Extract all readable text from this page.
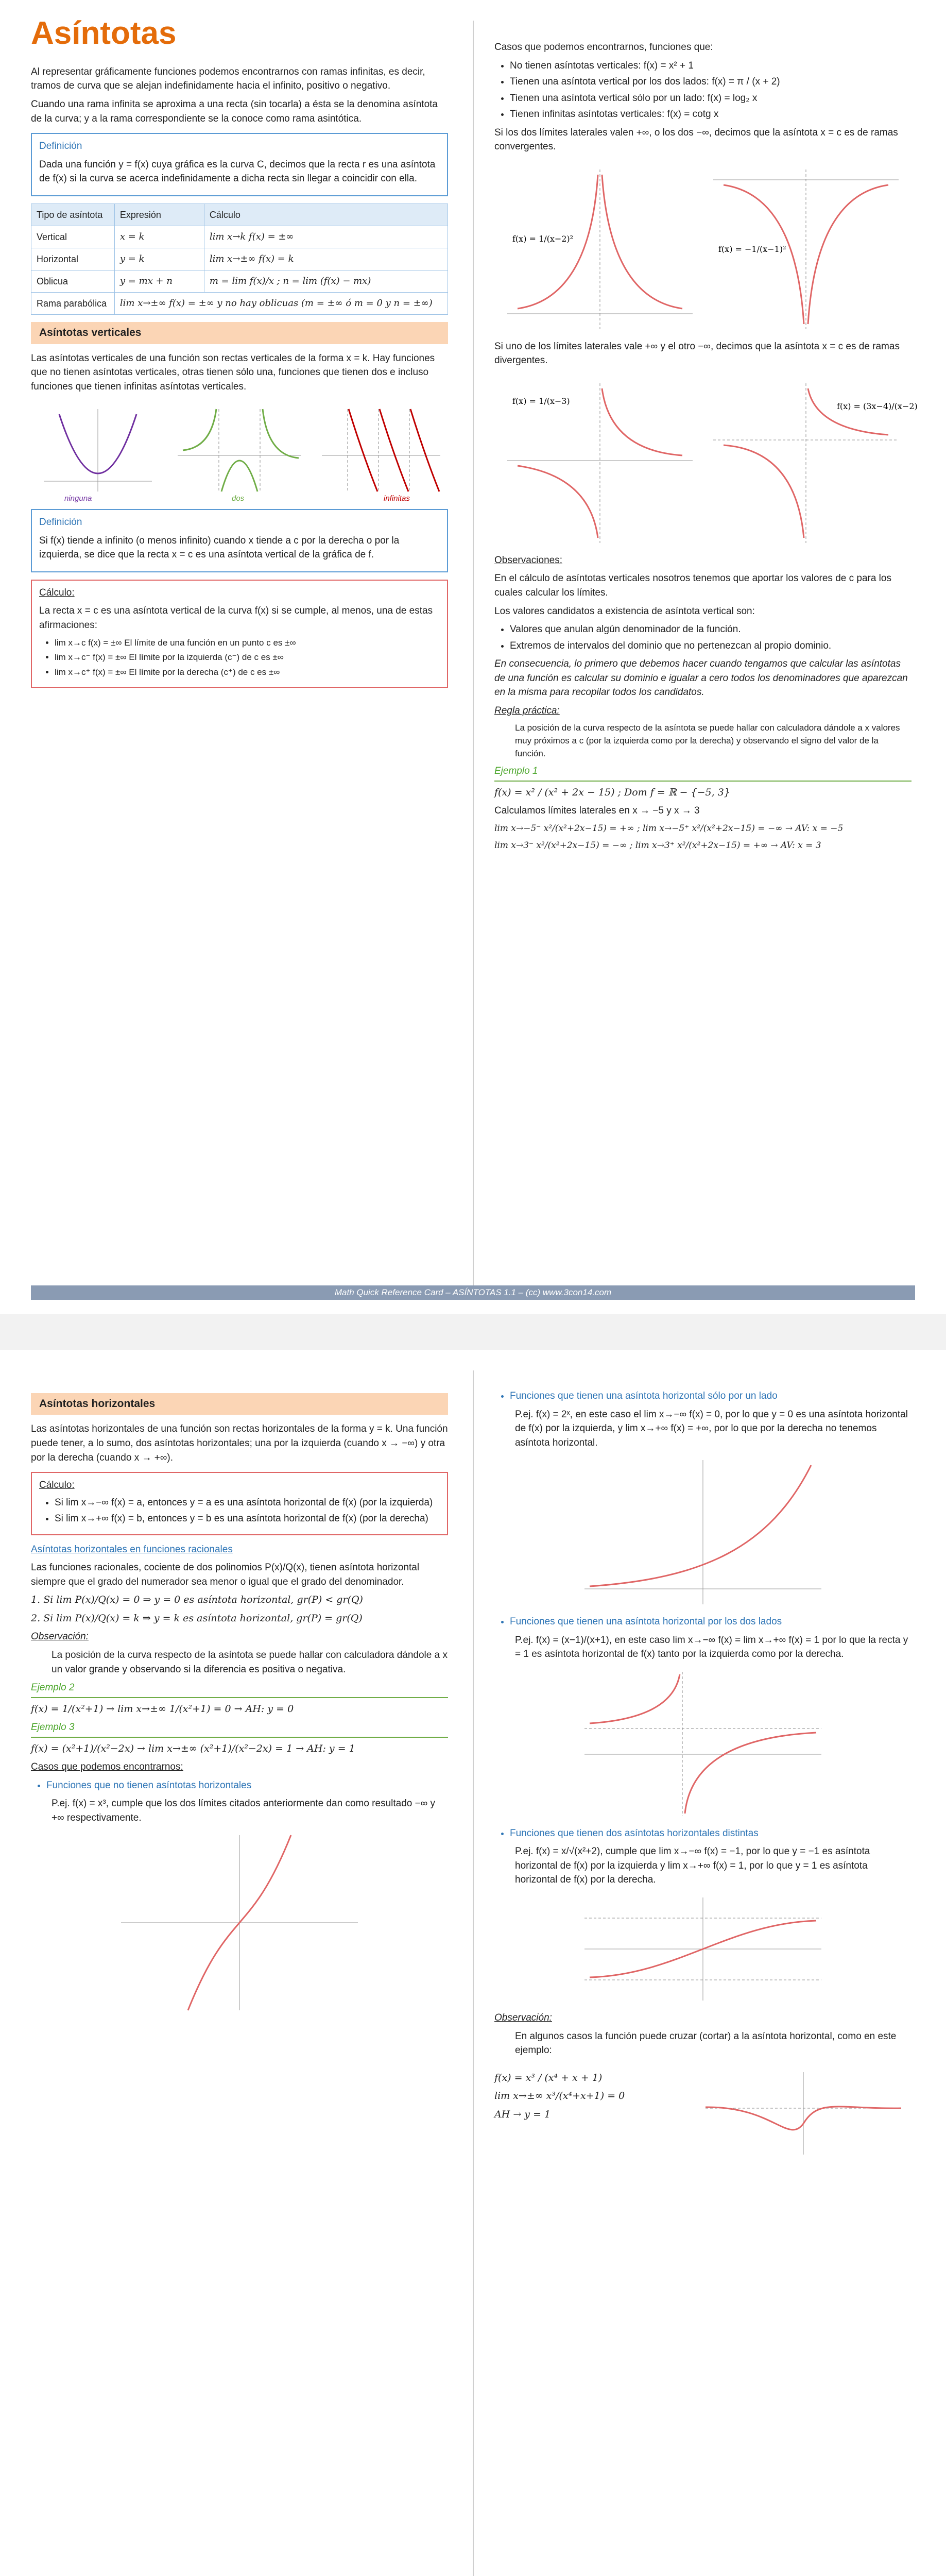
Asíntotas

Al representar gráficamente funciones podemos encontrarnos con ramas infinitas, es decir, tramos de curva que se alejan indefinidamente hacia el infinito, positivo o negativo.

Cuando una rama infinita se aproxima a una recta (sin tocarla) a ésta se la denomina asíntota de la curva; y a la rama correspondiente se la conoce como rama asintótica.

Definición

Dada una función y = f(x) cuya gráfica es la curva C, decimos que la recta r es una asíntota de f(x) si la curva se acerca indefinidamente a dicha recta sin llegar a coincidir con ella.

Tipo de asíntota	Expresión	Cálculo
Vertical	x = k	lim x→k f(x) = ±∞
Horizontal	y = k	lim x→±∞ f(x) = k
Oblicua	y = mx + n	m = lim f(x)/x ; n = lim (f(x) − mx)
Rama parabólica	lim x→±∞ f(x) = ±∞ y no hay oblicuas (m = ±∞ ó m = 0 y n = ±∞)	
Asíntotas verticales

Las asíntotas verticales de una función son rectas verticales de la forma x = k. Hay funciones que no tienen asíntotas verticales, otras tienen sólo una, funciones que tienen dos e incluso funciones que tienen infinitas asíntotas verticales.

ninguna	dos	infinitas
Definición

Si f(x) tiende a infinito (o menos infinito) cuando x tiende a c por la derecha o por la izquierda, se dice que la recta x = c es una asíntota vertical de la gráfica de f.

Cálculo:

La recta x = c es una asíntota vertical de la curva f(x) si se cumple, al menos, una de estas afirmaciones:

• lim x→c f(x) = ±∞ El límite de una función en un punto c es ±∞
• lim x→c⁻ f(x) = ±∞ El límite por la izquierda (c⁻) de c es ±∞
• lim x→c⁺ f(x) = ±∞ El límite por la derecha (c⁺) de c es ±∞

Casos que podemos encontrarnos, funciones que:

• No tienen asíntotas verticales: f(x) = x² + 1
• Tienen una asíntota vertical por los dos lados: f(x) = π / (x + 2)
• Tienen una asíntota vertical sólo por un lado: f(x) = log₂ x
• Tienen infinitas asíntotas verticales: f(x) = cotg x

Si los dos límites laterales valen +∞, o los dos −∞, decimos que la asíntota x = c es de ramas convergentes.

f(x) = 1/(x−2)²
f(x) = −1/(x−1)²

Si uno de los límites laterales vale +∞ y el otro −∞, decimos que la asíntota x = c es de ramas divergentes.

f(x) = 1/(x−3)
f(x) = (3x−4)/(x−2)
Observaciones:

En el cálculo de asíntotas verticales nosotros tenemos que aportar los valores de c para los cuales calcular los límites.

Los valores candidatos a existencia de asíntota vertical son:

• Valores que anulan algún denominador de la función.
• Extremos de intervalos del dominio que no pertenezcan al propio dominio.

En consecuencia, lo primero que debemos hacer cuando tengamos que calcular las asíntotas de una función es calcular su dominio e igualar a cero todos los denominadores que aparezcan en la misma para recopilar todos los candidatos.

Regla práctica:

La posición de la curva respecto de la asíntota se puede hallar con calculadora dándole a x valores muy próximos a c (por la izquierda como por la derecha) y observando el signo del valor de la función.

Ejemplo 1

f(x) = x² / (x² + 2x − 15) ; Dom f = ℝ − {−5, 3}

Calculamos límites laterales en x → −5 y x → 3

lim x→−5⁻ x²/(x²+2x−15) = +∞ ; lim x→−5⁺ x²/(x²+2x−15) = −∞ → AV: x = −5

lim x→3⁻ x²/(x²+2x−15) = −∞ ; lim x→3⁺ x²/(x²+2x−15) = +∞ → AV: x = 3

Math Quick Reference Card – ASÍNTOTAS 1.1 – (cc) www.3con14.com
Asíntotas horizontales

Las asíntotas horizontales de una función son rectas horizontales de la forma y = k. Una función puede tener, a lo sumo, dos asíntotas horizontales; una por la izquierda (cuando x → −∞) y otra por la derecha (cuando x → +∞).

Cálculo:
• Si lim x→−∞ f(x) = a, entonces y = a es una asíntota horizontal de f(x) (por la izquierda)
• Si lim x→+∞ f(x) = b, entonces y = b es una asíntota horizontal de f(x) (por la derecha)

Asíntotas horizontales en funciones racionales

Las funciones racionales, cociente de dos polinomios P(x)/Q(x), tienen asíntota horizontal siempre que el grado del numerador sea menor o igual que el grado del denominador.

1. Si lim P(x)/Q(x) = 0 ⇒ y = 0 es asíntota horizontal, gr(P) < gr(Q)

2. Si lim P(x)/Q(x) = k ⇒ y = k es asíntota horizontal, gr(P) = gr(Q)

Observación:

La posición de la curva respecto de la asíntota se puede hallar con calculadora dándole a x un valor grande y observando si la diferencia es positiva o negativa.

Ejemplo 2

f(x) = 1/(x²+1) → lim x→±∞ 1/(x²+1) = 0 → AH: y = 0

Ejemplo 3

f(x) = (x²+1)/(x²−2x) → lim x→±∞ (x²+1)/(x²−2x) = 1 → AH: y = 1

Casos que podemos encontrarnos:

• Funciones que no tienen asíntotas horizontales

P.ej. f(x) = x³, cumple que los dos límites citados anteriormente dan como resultado −∞ y +∞ respectivamente.

• Funciones que tienen una asíntota horizontal sólo por un lado

P.ej. f(x) = 2ˣ, en este caso el lim x→−∞ f(x) = 0, por lo que y = 0 es una asíntota horizontal de f(x) por la izquierda, y lim x→+∞ f(x) = +∞, por lo que por la derecha no tenemos asíntota horizontal.

• Funciones que tienen una asíntota horizontal por los dos lados

P.ej. f(x) = (x−1)/(x+1), en este caso lim x→−∞ f(x) = lim x→+∞ f(x) = 1 por lo que la recta y = 1 es asíntota horizontal de f(x) tanto por la izquierda como por la derecha.

• Funciones que tienen dos asíntotas horizontales distintas

P.ej. f(x) = x/√(x²+2), cumple que lim x→−∞ f(x) = −1, por lo que y = −1 es asíntota horizontal de f(x) por la izquierda y lim x→+∞ f(x) = 1, por lo que y = 1 es asíntota horizontal de f(x) por la derecha.

Observación:

En algunos casos la función puede cruzar (cortar) a la asíntota horizontal, como en este ejemplo:

f(x) = x³ / (x⁴ + x + 1)

lim x→±∞ x³/(x⁴+x+1) = 0

AH → y = 1
